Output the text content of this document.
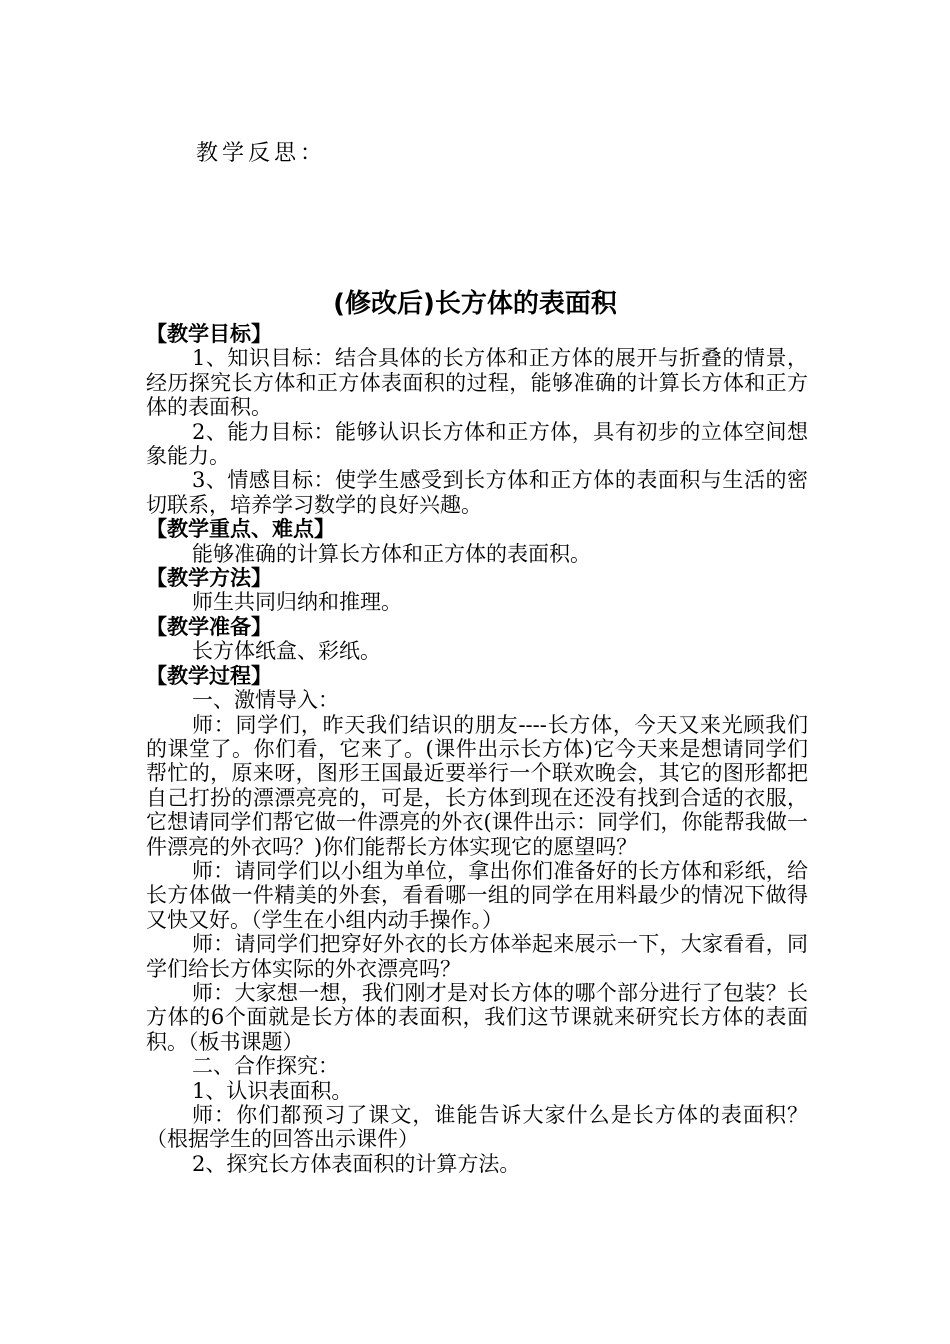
教学反思：

(修改后)长方体的表面积

【教学目标】

1、知识目标：结合具体的长方体和正方体的展开与折叠的情景，经历探究长方体和正方体表面积的过程，能够准确的计算长方体和正方体的表面积。

2、能力目标：能够认识长方体和正方体，具有初步的立体空间想象能力。

3、情感目标：使学生感受到长方体和正方体的表面积与生活的密切联系，培养学习数学的良好兴趣。

【教学重点、难点】

能够准确的计算长方体和正方体的表面积。

【教学方法】

师生共同归纳和推理。

【教学准备】

长方体纸盒、彩纸。

【教学过程】

一、激情导入：

师：同学们，昨天我们结识的朋友----长方体，今天又来光顾我们的课堂了。你们看，它来了。(课件出示长方体)它今天来是想请同学们帮忙的，原来呀，图形王国最近要举行一个联欢晚会，其它的图形都把自己打扮的漂漂亮亮的，可是，长方体到现在还没有找到合适的衣服，它想请同学们帮它做一件漂亮的外衣(课件出示：同学们，你能帮我做一件漂亮的外衣吗？)你们能帮长方体实现它的愿望吗？

师：请同学们以小组为单位，拿出你们准备好的长方体和彩纸，给长方体做一件精美的外套，看看哪一组的同学在用料最少的情况下做得又快又好。（学生在小组内动手操作。）

师：请同学们把穿好外衣的长方体举起来展示一下，大家看看，同学们给长方体实际的外衣漂亮吗？

师：大家想一想，我们刚才是对长方体的哪个部分进行了包装？长方体的6个面就是长方体的表面积，我们这节课就来研究长方体的表面积。（板书课题）

二、合作探究：

1、认识表面积。

师：你们都预习了课文，谁能告诉大家什么是长方体的表面积？（根据学生的回答出示课件）

2、探究长方体表面积的计算方法。
